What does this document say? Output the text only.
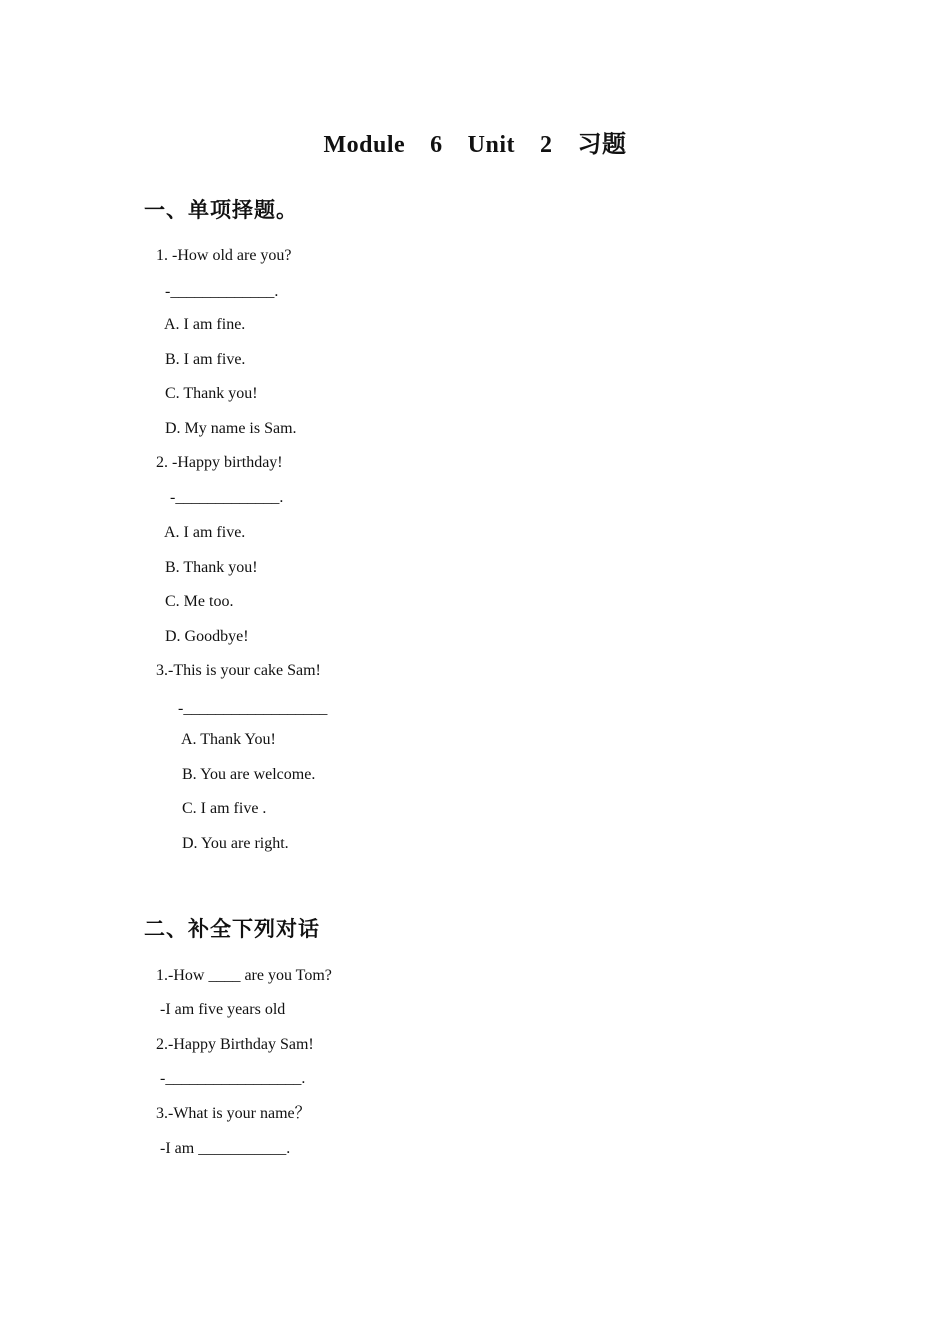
Module  6  Unit  2  习题
一、单项择题。
1. -How old are you?
-_____________.
A. I am fine.
B. I am five.
C. Thank you!
D. My name is Sam.
2. -Happy birthday!
-_____________.
A. I am five.
B. Thank you!
C. Me too.
D. Goodbye!
3.-This is your cake Sam!
-__________________
A. Thank You!
B. You are welcome.
C. I am five .
D. You are right.
二、补全下列对话
1.-How ____ are you Tom?
-I am five years old
2.-Happy Birthday Sam!
-_________________.
3.-What is your name？
-I am ___________.
